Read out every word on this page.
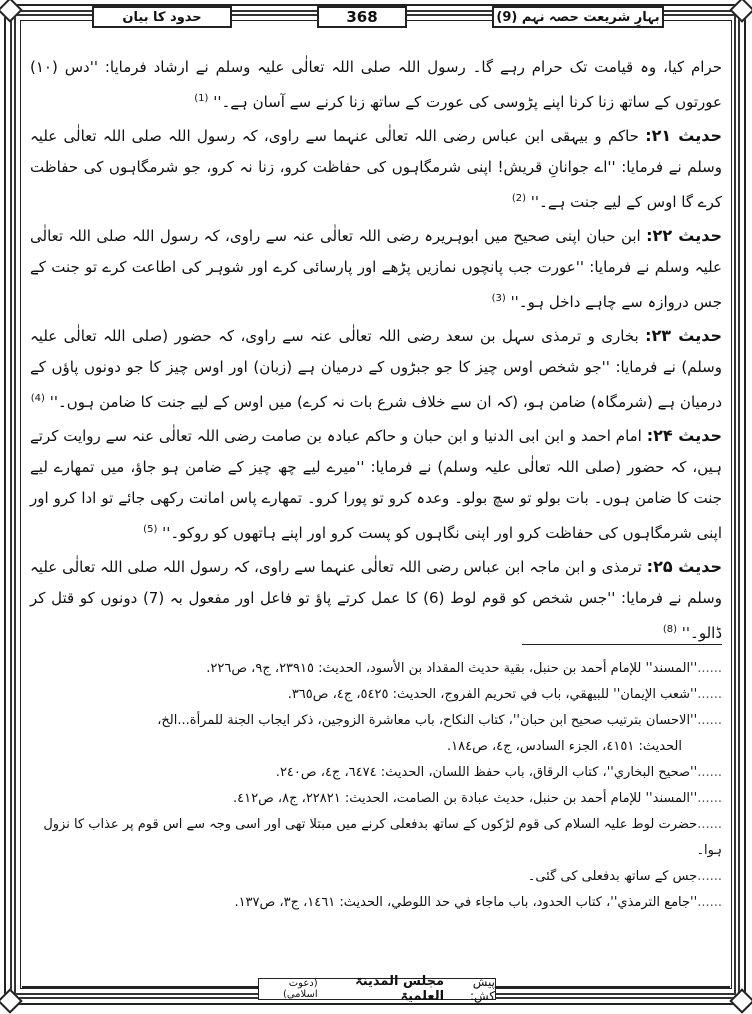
حدود کا بیان	368	بہارِ شریعت حصہ نہم (9)

حرام کیا، وہ قیامت تک حرام رہے گا۔ رسول اللہ صلی اللہ تعالٰی علیہ وسلم نے ارشاد فرمایا: ''دس (۱۰) عورتوں کے ساتھ زنا کرنا اپنے پڑوسی کی عورت کے ساتھ زنا کرنے سے آسان ہے۔'' $^{(1)}$

حدیث ۲۱: حاکم و بیہقی ابن عباس رضی اللہ تعالٰی عنہما سے راوی، کہ رسول اللہ صلی اللہ تعالٰی علیہ وسلم نے فرمایا: ''اے جوانانِ قریش! اپنی شرمگاہوں کی حفاظت کرو، زنا نہ کرو، جو شرمگاہوں کی حفاظت کرے گا اوس کے لیے جنت ہے۔'' $^{(2)}$

حدیث ۲۲: ابن حبان اپنی صحیح میں ابوہریرہ رضی اللہ تعالٰی عنہ سے راوی، کہ رسول اللہ صلی اللہ تعالٰی علیہ وسلم نے فرمایا: ''عورت جب پانچوں نمازیں پڑھے اور پارسائی کرے اور شوہر کی اطاعت کرے تو جنت کے جس دروازہ سے چاہے داخل ہو۔'' $^{(3)}$

حدیث ۲۳: بخاری و ترمذی سہل بن سعد رضی اللہ تعالٰی عنہ سے راوی، کہ حضور (صلی اللہ تعالٰی علیہ وسلم) نے فرمایا: ''جو شخص اوس چیز کا جو جبڑوں کے درمیان ہے (زبان) اور اوس چیز کا جو دونوں پاؤں کے درمیان ہے (شرمگاہ) ضامن ہو، (کہ ان سے خلاف شرع بات نہ کرے) میں اوس کے لیے جنت کا ضامن ہوں۔'' $^{(4)}$

حدیث ۲۴: امام احمد و ابن ابی الدنیا و ابن حبان و حاکم عبادہ بن صامت رضی اللہ تعالٰی عنہ سے روایت کرتے ہیں، کہ حضور (صلی اللہ تعالٰی علیہ وسلم) نے فرمایا: ''میرے لیے چھ چیز کے ضامن ہو جاؤ، میں تمھارے لیے جنت کا ضامن ہوں۔ بات بولو تو سچ بولو۔ وعدہ کرو تو پورا کرو۔ تمھارے پاس امانت رکھی جائے تو ادا کرو اور اپنی شرمگاہوں کی حفاظت کرو اور اپنی نگاہوں کو پست کرو اور اپنے ہاتھوں کو روکو۔'' $^{(5)}$

حدیث ۲۵: ترمذی و ابن ماجہ ابن عباس رضی اللہ تعالٰی عنہما سے راوی، کہ رسول اللہ صلی اللہ تعالٰی علیہ وسلم نے فرمایا: ''جس شخص کو قوم لوط (6) کا عمل کرتے پاؤ تو فاعل اور مفعول بہ (7) دونوں کو قتل کر ڈالو۔'' $^{(8)}$

......''المسند'' للإمام أحمد بن حنبل، بقية حديث المقداد بن الأسود، الحديث: ٢٣٩١٥، ج٩، ص٢٢٦.

......''شعب الإيمان'' للبيهقي، باب في تحريم الفروج، الحديث: ٥٤٢٥، ج٤، ص٣٦٥.

......''الاحسان بترتيب صحيح ابن حبان''، كتاب النكاح، باب معاشرة الزوجين، ذكر ايجاب الجنة للمرأة...الخ،

الحديث: ٤١٥١، الجزء السادس، ج٤، ص١٨٤.

......''صحيح البخاري''، كتاب الرقاق، باب حفظ اللسان، الحديث: ٦٤٧٤، ج٤، ص٢٤٠.

......''المسند'' للإمام أحمد بن حنبل، حديث عبادة بن الصامت، الحديث: ٢٢٨٢١، ج٨، ص٤١٢.

......حضرت لوط علیہ السلام کی قوم لڑکوں کے ساتھ بدفعلی کرنے میں مبتلا تھی اور اسی وجہ سے اس قوم پر عذاب کا نزول ہوا۔

......جس کے ساتھ بدفعلی کی گئی۔

......''جامع الترمذي''، كتاب الحدود، باب ماجاء في حد اللوطي، الحديث: ١٤٦١، ج٣، ص١٣٧.

پیش کش:
مجلس المدینۃ العلمیۃ
(دعوت اسلامی)
